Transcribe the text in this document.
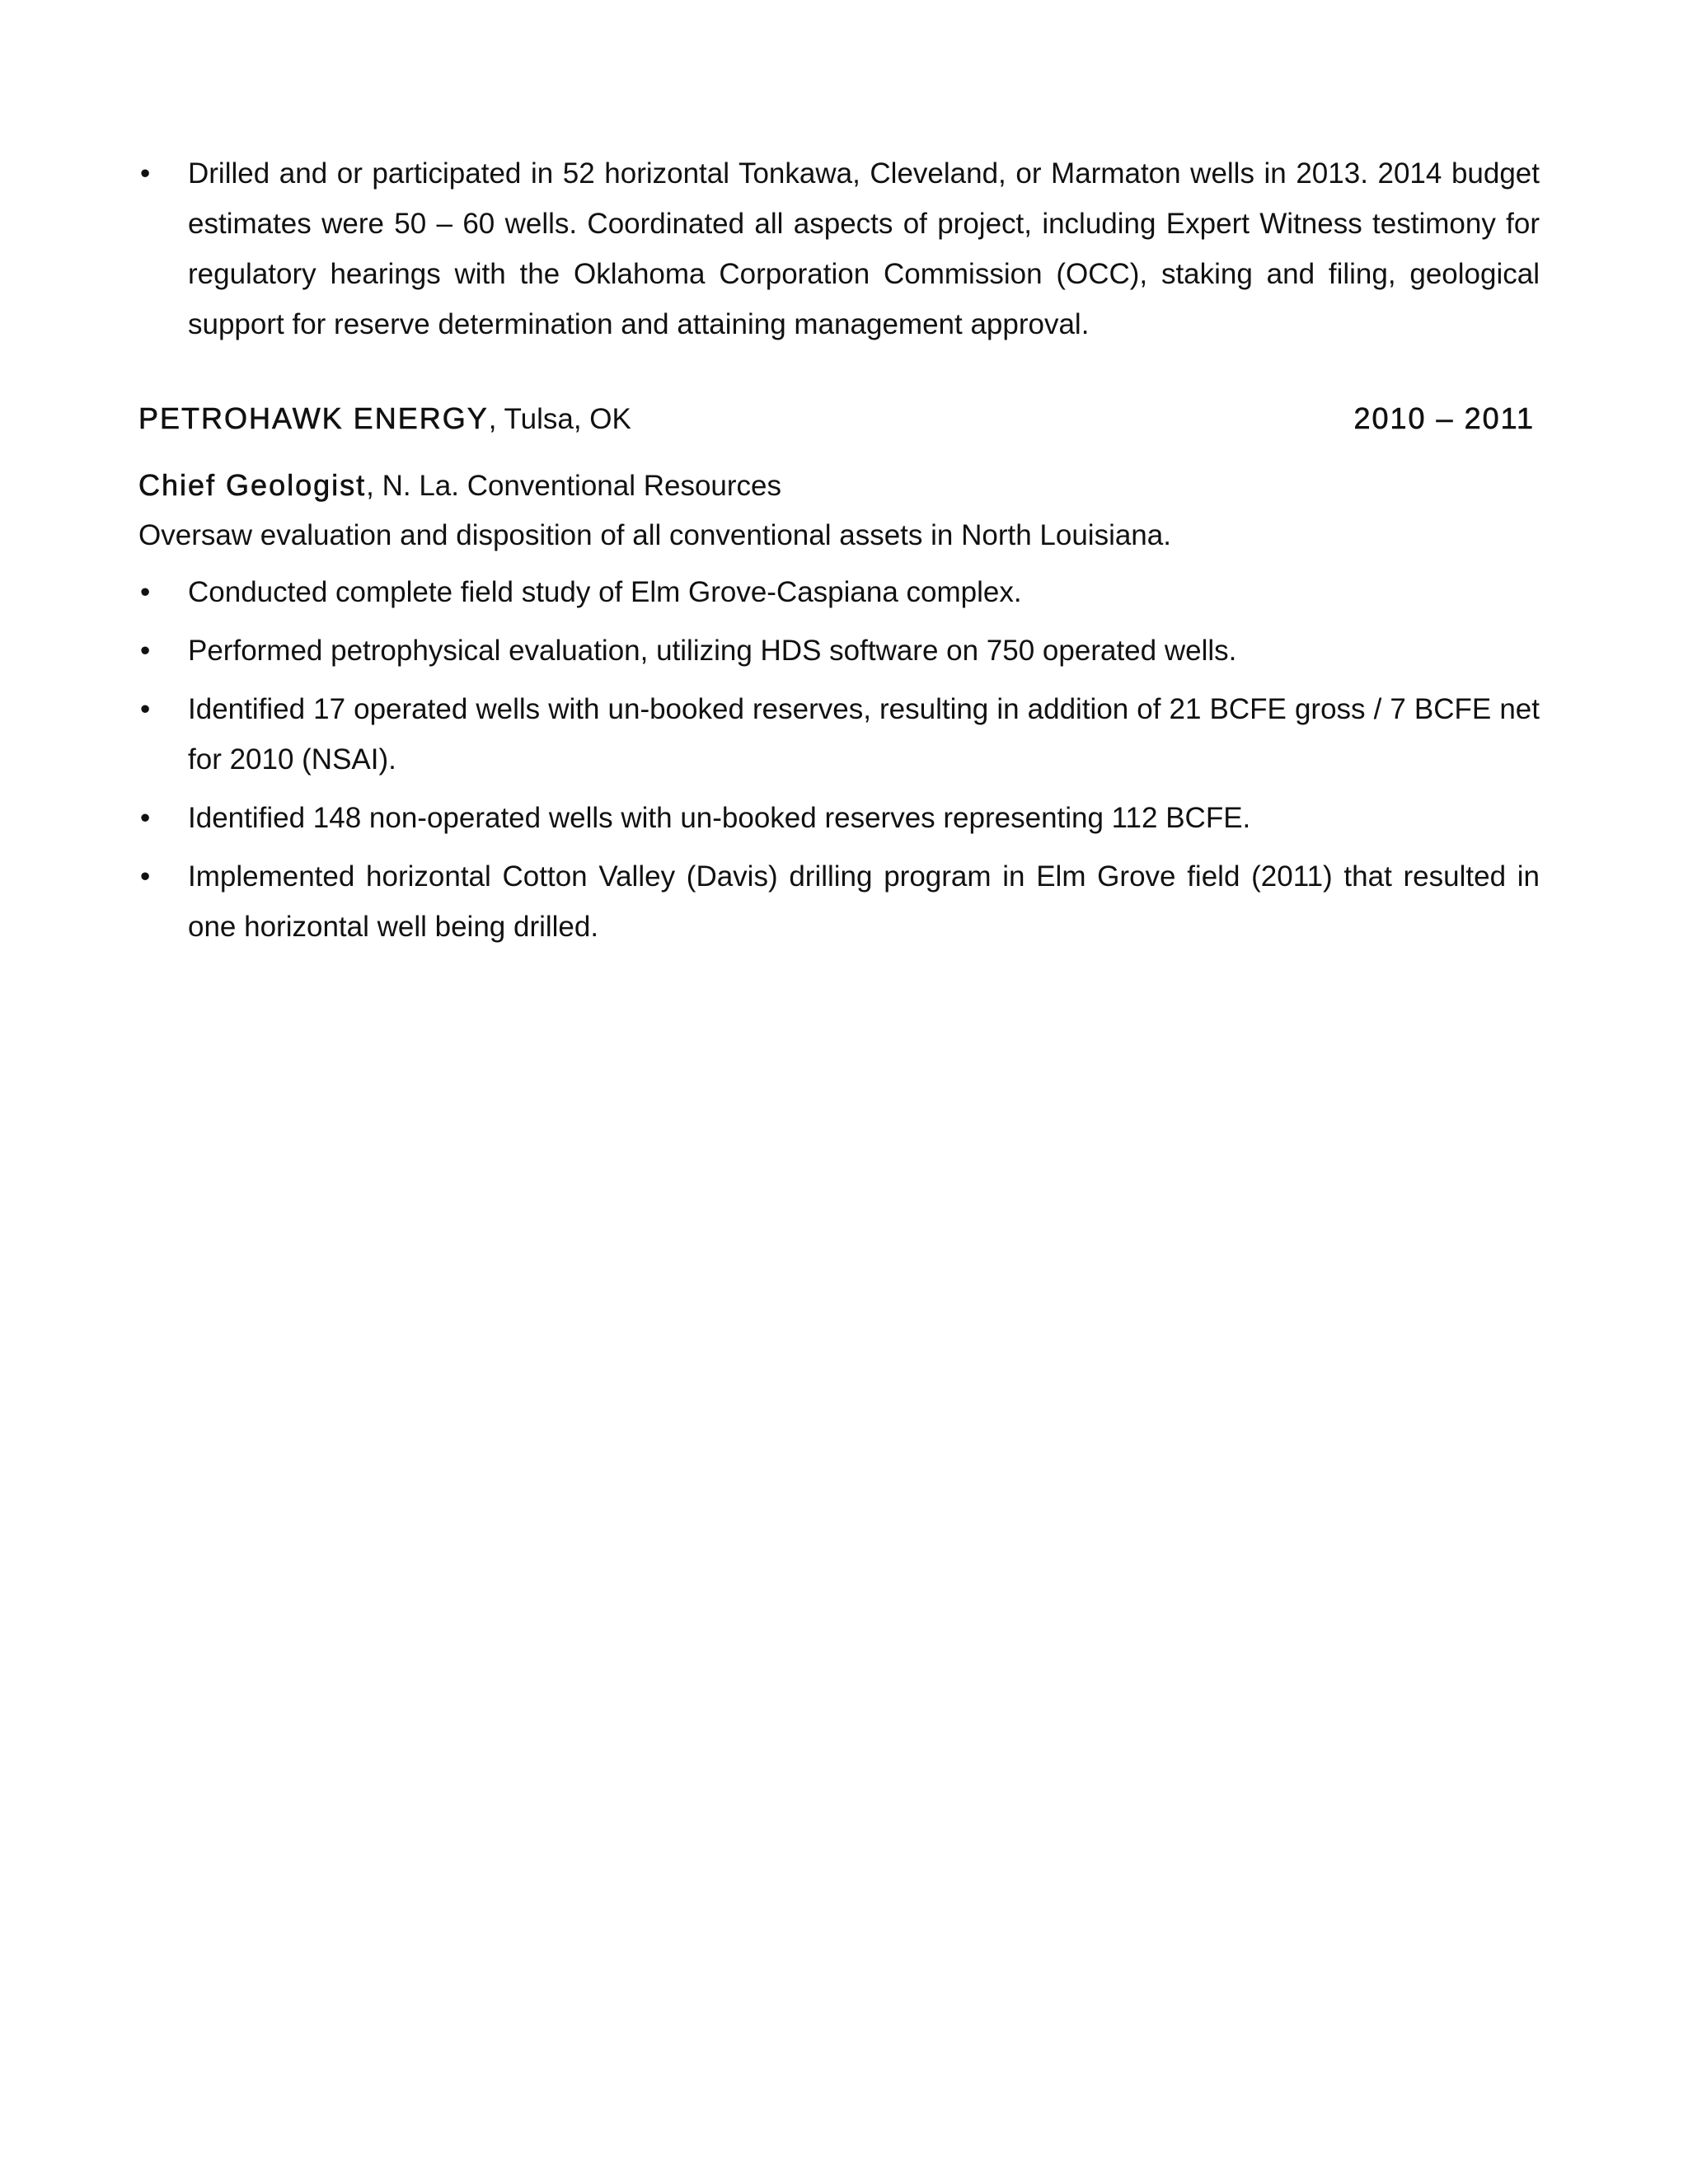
• Drilled and or participated in 52 horizontal Tonkawa, Cleveland, or Marmaton wells in 2013. 2014 budget estimates were 50 – 60 wells. Coordinated all aspects of project, including Expert Witness testimony for regulatory hearings with the Oklahoma Corporation Commission (OCC), staking and filing, geological support for reserve determination and attaining management approval.
PETROHAWK ENERGY, Tulsa, OK	2010 – 2011
Chief Geologist, N. La. Conventional Resources
Oversaw evaluation and disposition of all conventional assets in North Louisiana.
• Conducted complete field study of Elm Grove-Caspiana complex.
• Performed petrophysical evaluation, utilizing HDS software on 750 operated wells.
• Identified 17 operated wells with un-booked reserves, resulting in addition of 21 BCFE gross / 7 BCFE net for 2010 (NSAI).
• Identified 148 non-operated wells with un-booked reserves representing 112 BCFE.
• Implemented horizontal Cotton Valley (Davis) drilling program in Elm Grove field (2011) that resulted in one horizontal well being drilled.
